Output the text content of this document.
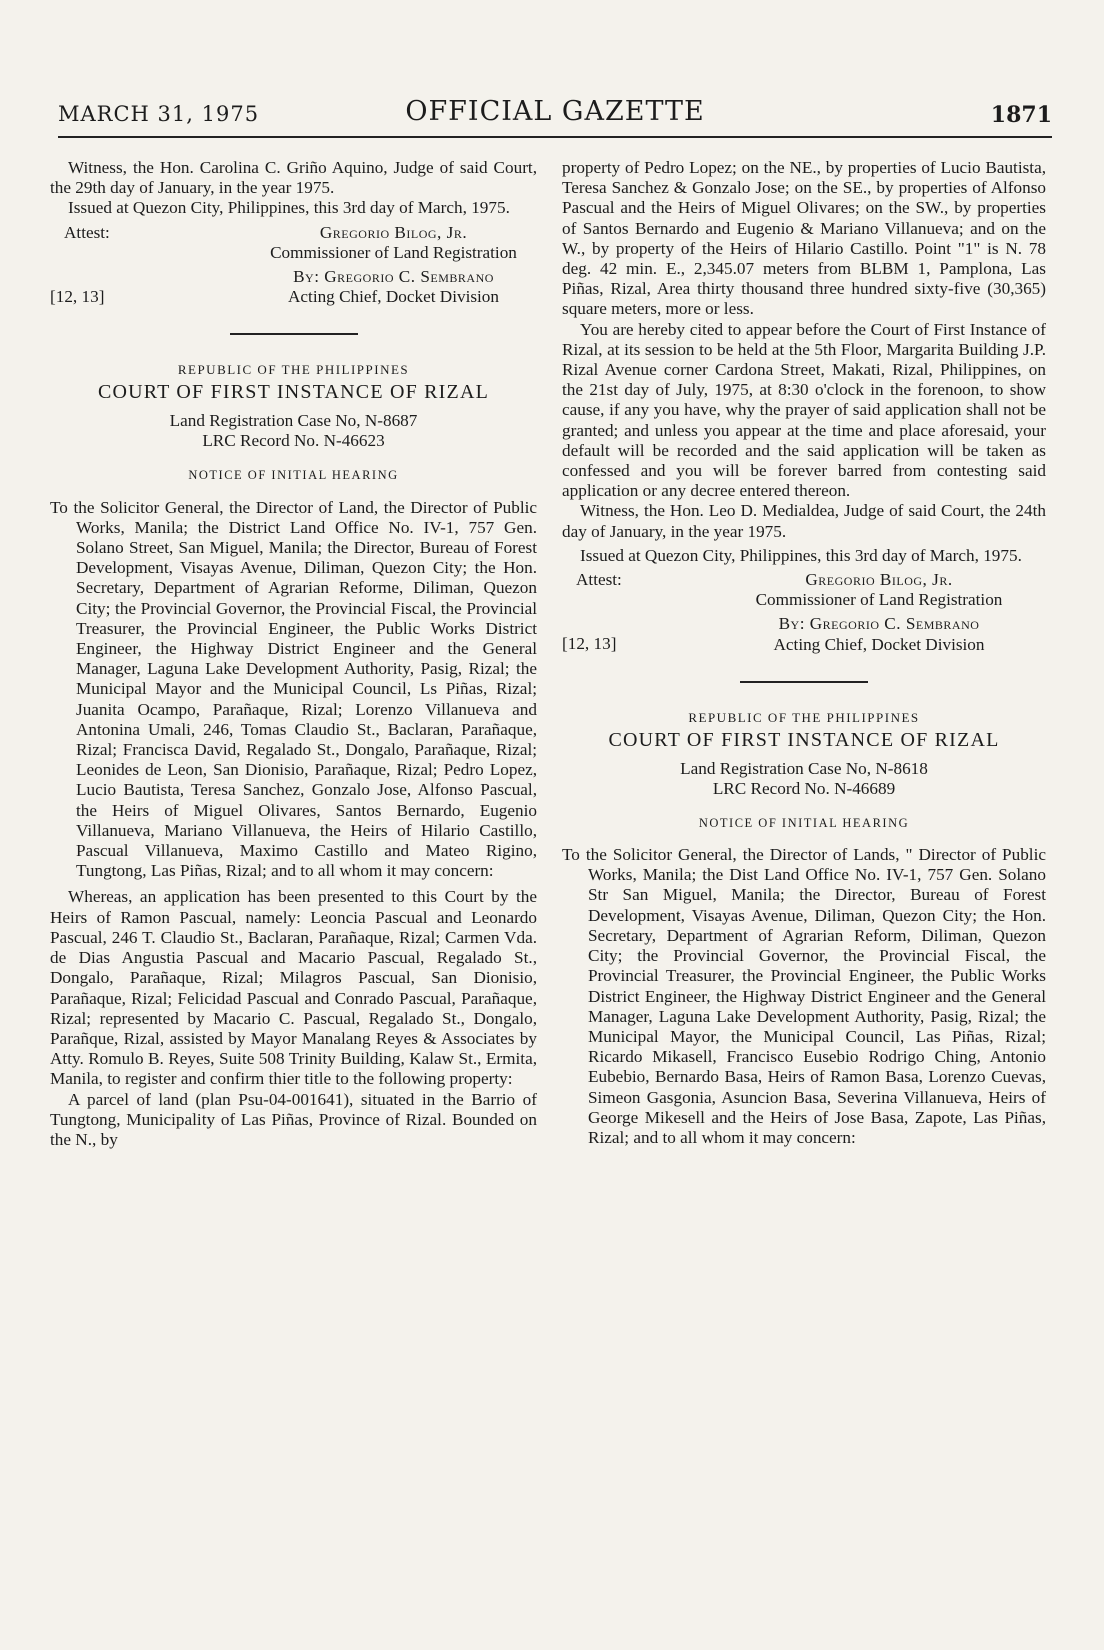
MARCH 31, 1975	OFFICIAL GAZETTE	1871

Witness, the Hon. Carolina C. Griño Aquino, Judge of said Court, the 29th day of January, in the year 1975.

Issued at Quezon City, Philippines, this 3rd day of March, 1975.

Attest:	Gregorio Bilog, Jr.
Commissioner of Land Registration
[12, 13]
By: Gregorio C. Sembrano
Acting Chief, Docket Division
REPUBLIC OF THE PHILIPPINES
COURT OF FIRST INSTANCE OF RIZAL
Land Registration Case No, N-8687
LRC Record No. N-46623
NOTICE OF INITIAL HEARING

To the Solicitor General, the Director of Land, the Director of Public Works, Manila; the District Land Office No. IV-1, 757 Gen. Solano Street, San Miguel, Manila; the Director, Bureau of Forest Development, Visayas Avenue, Diliman, Quezon City; the Hon. Secretary, Department of Agrarian Reforme, Diliman, Quezon City; the Provincial Governor, the Provincial Fiscal, the Provincial Treasurer, the Provincial Engineer, the Public Works District Engineer, the Highway District Engineer and the General Manager, Laguna Lake Development Authority, Pasig, Rizal; the Municipal Mayor and the Municipal Council, Ls Piñas, Rizal; Juanita Ocampo, Parañaque, Rizal; Lorenzo Villanueva and Antonina Umali, 246, Tomas Claudio St., Baclaran, Parañaque, Rizal; Francisca David, Regalado St., Dongalo, Parañaque, Rizal; Leonides de Leon, San Dionisio, Parañaque, Rizal; Pedro Lopez, Lucio Bautista, Teresa Sanchez, Gonzalo Jose, Alfonso Pascual, the Heirs of Miguel Olivares, Santos Bernardo, Eugenio Villanueva, Mariano Villanueva, the Heirs of Hilario Castillo, Pascual Villanueva, Maximo Castillo and Mateo Rigino, Tungtong, Las Piñas, Rizal; and to all whom it may concern:

Whereas, an application has been presented to this Court by the Heirs of Ramon Pascual, namely: Leoncia Pascual and Leonardo Pascual, 246 T. Claudio St., Baclaran, Parañaque, Rizal; Carmen Vda. de Dias Angustia Pascual and Macario Pascual, Regalado St., Dongalo, Parañaque, Rizal; Milagros Pascual, San Dionisio, Parañaque, Rizal; Felicidad Pascual and Conrado Pascual, Parañaque, Rizal; represented by Macario C. Pascual, Regalado St., Dongalo, Parañque, Rizal, assisted by Mayor Manalang Reyes & Associates by Atty. Romulo B. Reyes, Suite 508 Trinity Building, Kalaw St., Ermita, Manila, to register and confirm thier title to the following property:

A parcel of land (plan Psu-04-001641), situated in the Barrio of Tungtong, Municipality of Las Piñas, Province of Rizal. Bounded on the N., by

property of Pedro Lopez; on the NE., by properties of Lucio Bautista, Teresa Sanchez & Gonzalo Jose; on the SE., by properties of Alfonso Pascual and the Heirs of Miguel Olivares; on the SW., by properties of Santos Bernardo and Eugenio & Mariano Villanueva; and on the W., by property of the Heirs of Hilario Castillo. Point "1" is N. 78 deg. 42 min. E., 2,345.07 meters from BLBM 1, Pamplona, Las Piñas, Rizal, Area thirty thousand three hundred sixty-five (30,365) square meters, more or less.

You are hereby cited to appear before the Court of First Instance of Rizal, at its session to be held at the 5th Floor, Margarita Building J.P. Rizal Avenue corner Cardona Street, Makati, Rizal, Philippines, on the 21st day of July, 1975, at 8:30 o'clock in the forenoon, to show cause, if any you have, why the prayer of said application shall not be granted; and unless you appear at the time and place aforesaid, your default will be recorded and the said application will be taken as confessed and you will be forever barred from contesting said application or any decree entered thereon.

Witness, the Hon. Leo D. Medialdea, Judge of said Court, the 24th day of January, in the year 1975.

Issued at Quezon City, Philippines, this 3rd day of March, 1975.

Attest:	Gregorio Bilog, Jr.
Commissioner of Land Registration
[12, 13]
By: Gregorio C. Sembrano
Acting Chief, Docket Division
REPUBLIC OF THE PHILIPPINES
COURT OF FIRST INSTANCE OF RIZAL
Land Registration Case No, N-8618
LRC Record No. N-46689
NOTICE OF INITIAL HEARING

To the Solicitor General, the Director of Lands, " Director of Public Works, Manila; the Dist Land Office No. IV-1, 757 Gen. Solano Str San Miguel, Manila; the Director, Bureau of Forest Development, Visayas Avenue, Diliman, Quezon City; the Hon. Secretary, Department of Agrarian Reform, Diliman, Quezon City; the Provincial Governor, the Provincial Fiscal, the Provincial Treasurer, the Provincial Engineer, the Public Works District Engineer, the Highway District Engineer and the General Manager, Laguna Lake Development Authority, Pasig, Rizal; the Municipal Mayor, the Municipal Council, Las Piñas, Rizal; Ricardo Mikasell, Francisco Eusebio Rodrigo Ching, Antonio Eubebio, Bernardo Basa, Heirs of Ramon Basa, Lorenzo Cuevas, Simeon Gasgonia, Asuncion Basa, Severina Villanueva, Heirs of George Mikesell and the Heirs of Jose Basa, Zapote, Las Piñas, Rizal; and to all whom it may concern:
